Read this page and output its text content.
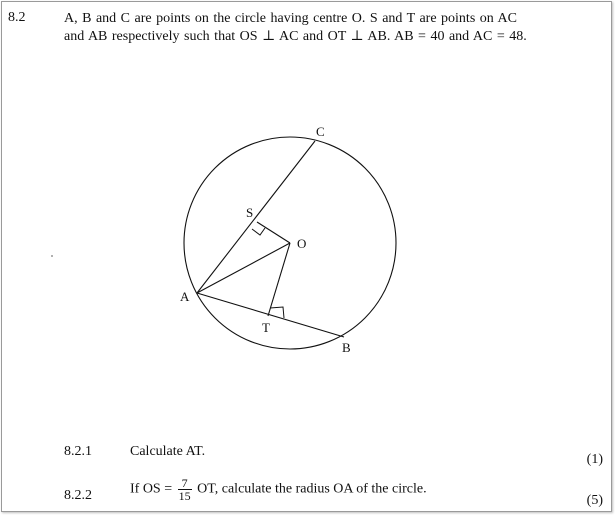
8.2	A, B and C are points on the circle having centre O. S and T are points on AC
and AB respectively such that OS ⊥ AC and OT ⊥ AB. AB = 40 and AC = 48.
A
B
C
O
S
T
8.2.1	Calculate AT.
(1)
8.2.2	If OS = $\frac{7}{15}$ OT, calculate the radius OA of the circle.
(5)
